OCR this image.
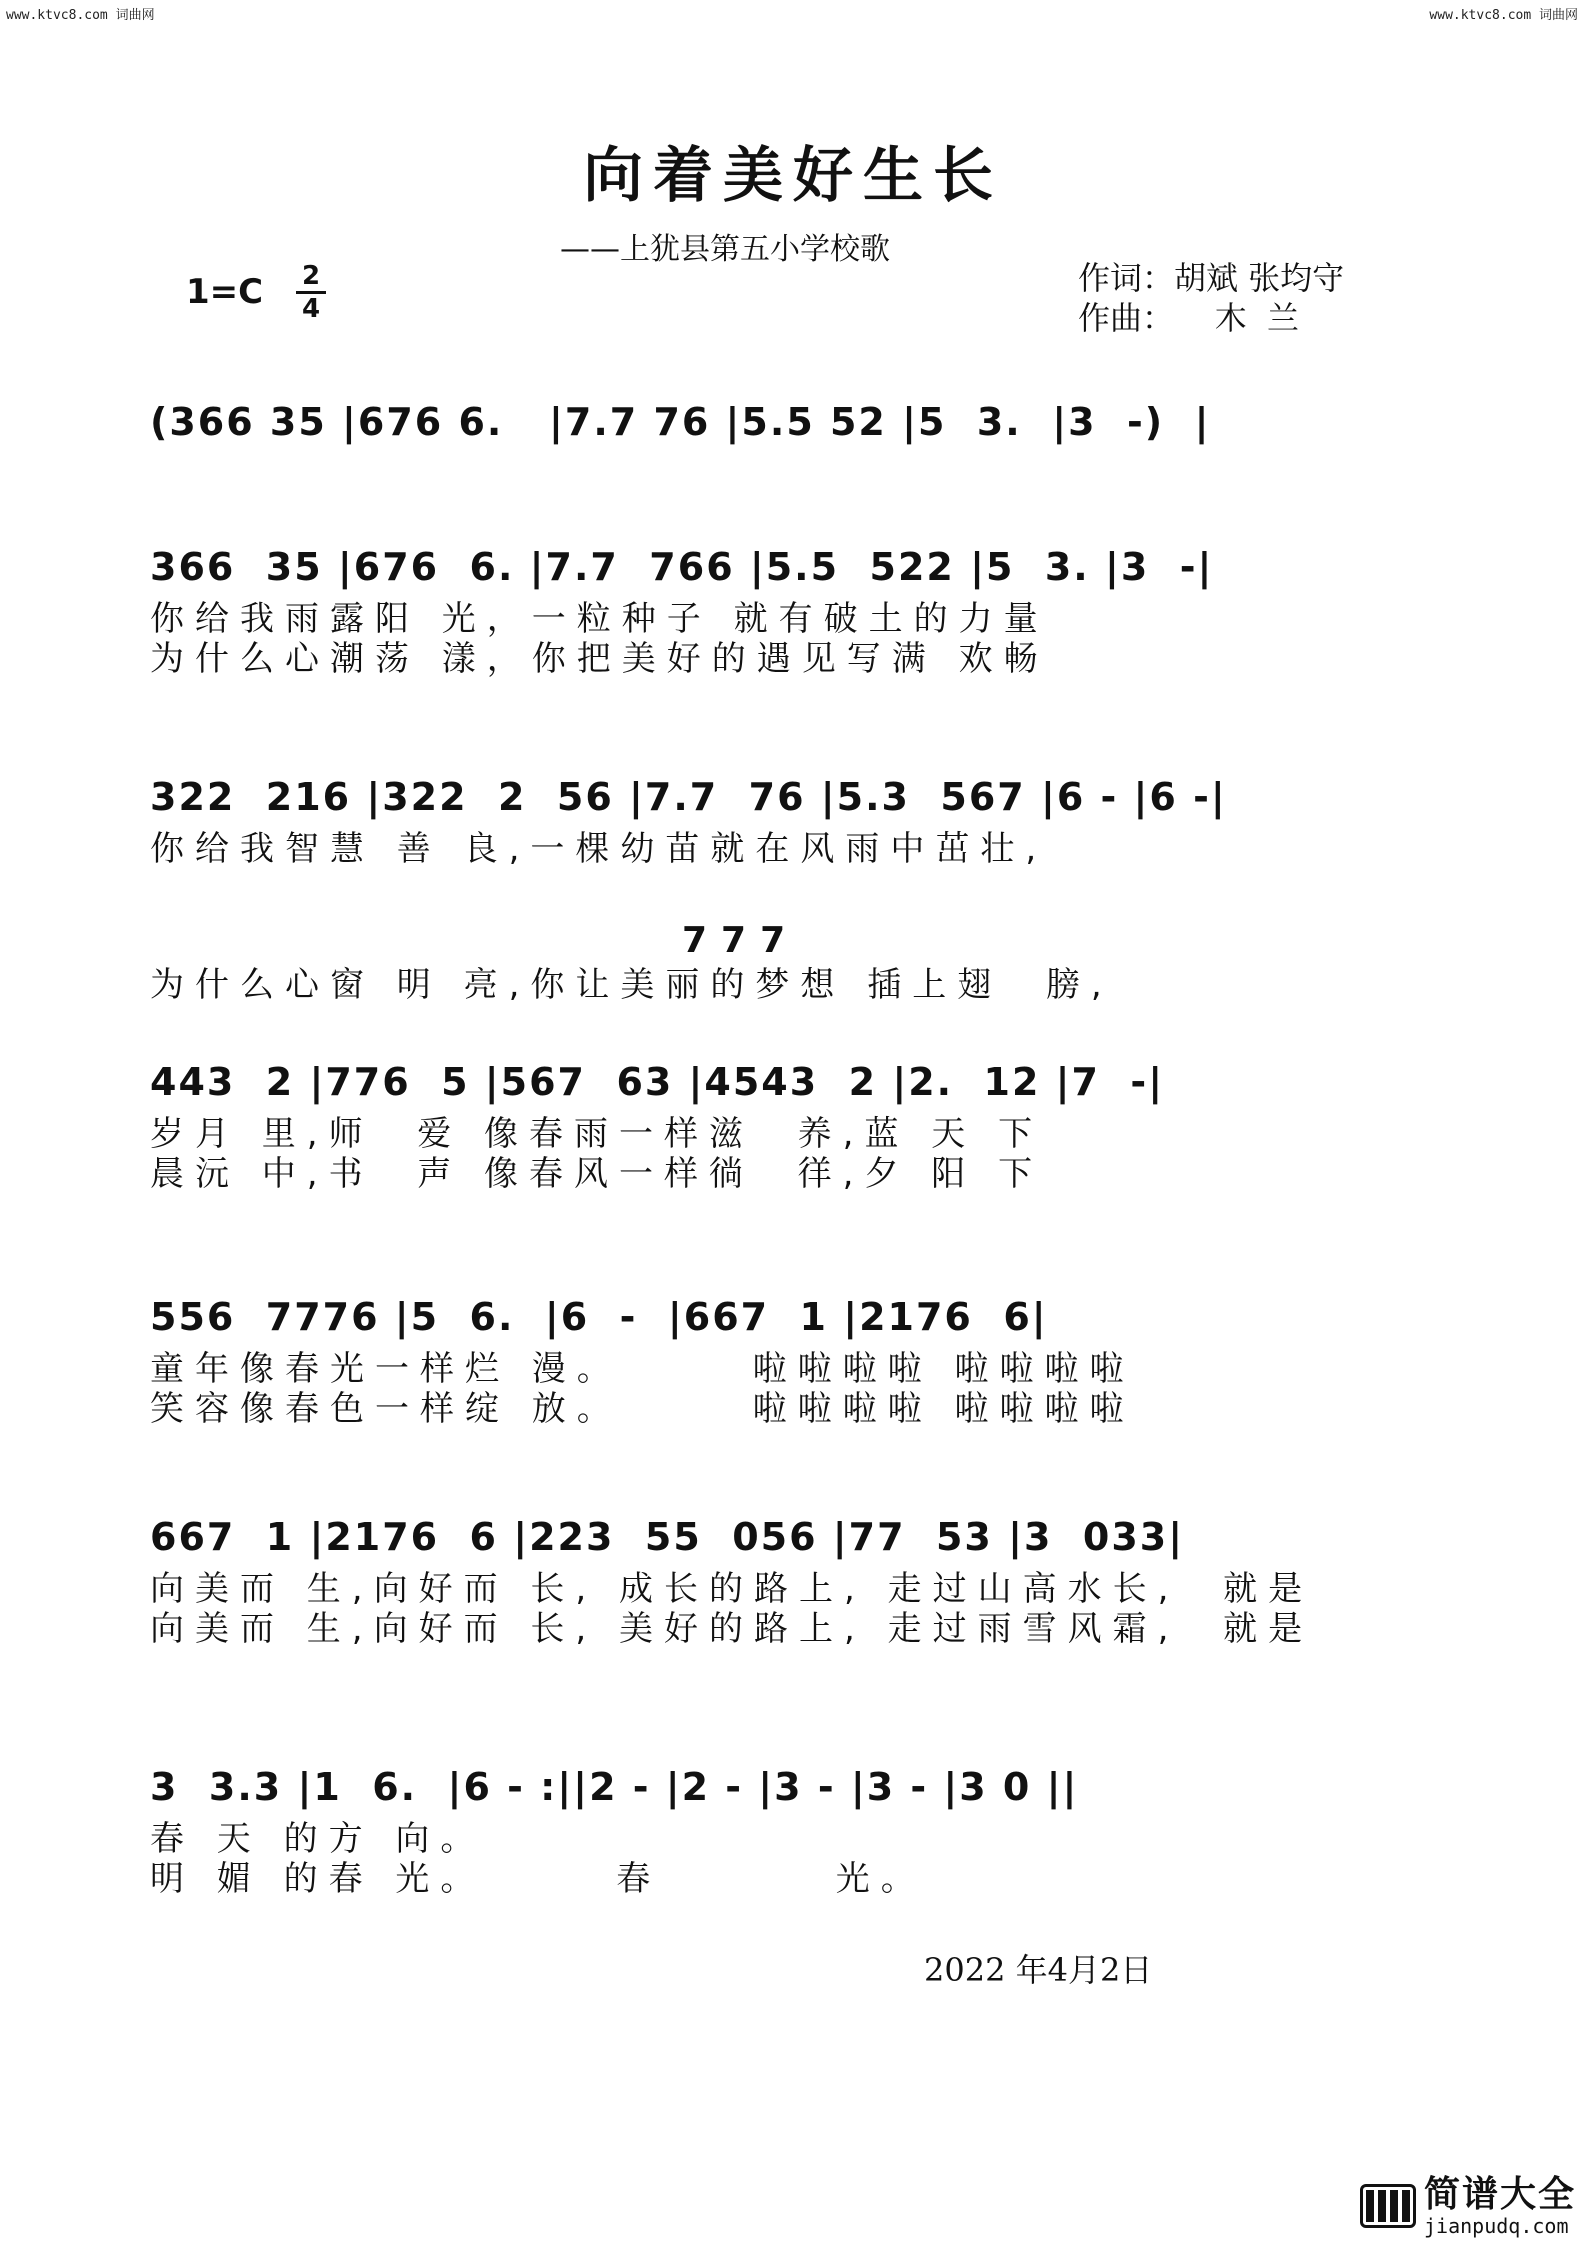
www.ktvc8.com 词曲网	www.ktvc8.com 词曲网
向着美好生长
——上犹县第五小学校歌
1=C 2
4
作词：胡斌 张均守
作曲：    木  兰
(366 35 |676 6.   |7.7 76 |5.5 52 |5  3.  |3  -)  |
366  35 |676  6. |7.7  766 |5.5  522 |5  3. |3  -|
你给我雨露阳 光，一粒种子 就有破土的力量
为什么心潮荡 漾，你把美好的遇见写满 欢畅
322  216 |322  2  56 |7.7  76 |5.3  567 |6 - |6 -|
你给我智慧 善 良,一棵幼苗就在风雨中茁壮,
777
为什么心窗 明 亮,你让美丽的梦想 插上翅  膀,
443  2 |776  5 |567  63 |4543  2 |2.  12 |7  -|
岁月 里,师  爱 像春雨一样滋  养,蓝 天 下
晨沅 中,书  声 像春风一样徜  徉,夕 阳 下
556  7776 |5  6.  |6  -  |667  1 |2176  6|
童年像春光一样烂 漫。      啦啦啦啦 啦啦啦啦
笑容像春色一样绽 放。      啦啦啦啦 啦啦啦啦
667  1 |2176  6 |223  55  056 |77  53 |3  033|
向美而 生,向好而 长, 成长的路上, 走过山高水长,  就是
向美而 生,向好而 长, 美好的路上, 走过雨雪风霜,  就是
3  3.3 |1  6.  |6 - :||2 - |2 - |3 - |3 - |3 0 ||
春 天 的方 向。
明 媚 的春 光。      春        光。
2022 年4月2日
简谱大全
jianpudq.com
